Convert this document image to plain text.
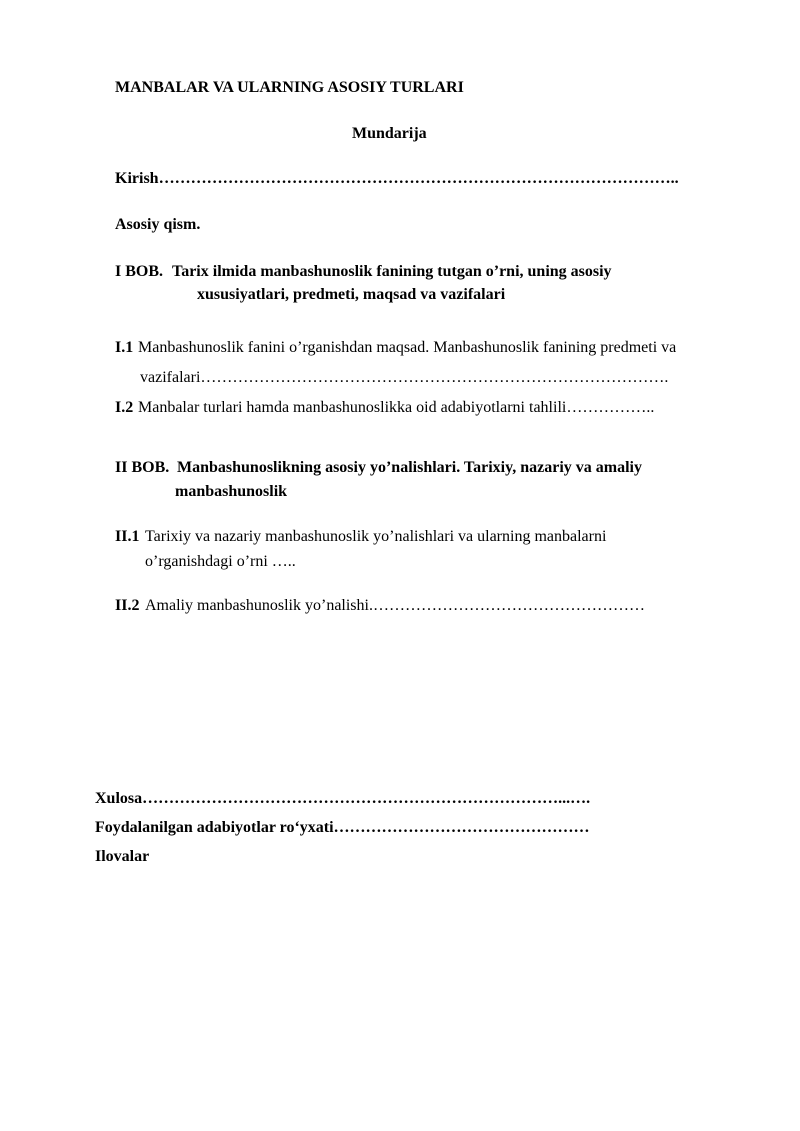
MANBALAR VA ULARNING ASOSIY TURLARI
Mundarija
Kirish……………………………………………………………………………………..
Asosiy qism.
I BOB. Tarix ilmida manbashunoslik fanining tutgan o’rni, uning asosiy
xususiyatlari, predmeti, maqsad va vazifalari
I.1 Manbashunoslik fanini o’rganishdan maqsad. Manbashunoslik fanining predmeti va
vazifalari…………………………………………………………………………….
I.2 Manbalar turlari hamda manbashunoslikka oid adabiyotlarni tahlili……………..
II BOB. Manbashunoslikning asosiy yo’nalishlari. Tarixiy, nazariy va amaliy
manbashunoslik
II.1 Tarixiy va nazariy manbashunoslik yo’nalishlari va ularning manbalarni
o’rganishdagi o’rni …..
II.2 Amaliy manbashunoslik yo’nalishi.……………………………………………
Xulosa……………………………………………………………………...….
Foydalanilgan adabiyotlar ro‘yxati…………………………………………
Ilovalar
